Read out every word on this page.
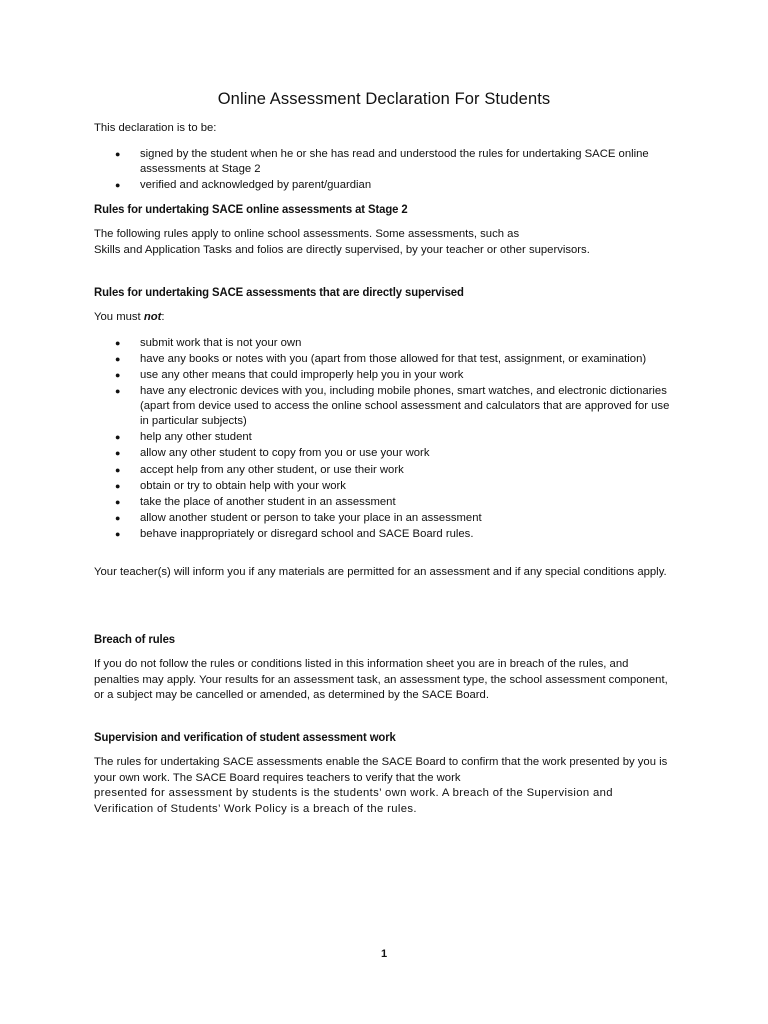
Online Assessment Declaration For Students

This declaration is to be:

● signed by the student when he or she has read and understood the rules for undertaking SACE online assessments at Stage 2
● verified and acknowledged by parent/guardian
Rules for undertaking SACE online assessments at Stage 2

The following rules apply to online school assessments. Some assessments, such as

Skills and Application Tasks and folios are directly supervised, by your teacher or other supervisors.

Rules for undertaking SACE assessments that are directly supervised

You must not:

● submit work that is not your own
● have any books or notes with you (apart from those allowed for that test, assignment, or examination)
● use any other means that could improperly help you in your work
● have any electronic devices with you, including mobile phones, smart watches, and electronic dictionaries (apart from device used to access the online school assessment and calculators that are approved for use in particular subjects)
● help any other student
● allow any other student to copy from you or use your work
● accept help from any other student, or use their work
● obtain or try to obtain help with your work
● take the place of another student in an assessment
● allow another student or person to take your place in an assessment
● behave inappropriately or disregard school and SACE Board rules.

Your teacher(s) will inform you if any materials are permitted for an assessment and if any special conditions apply.

Breach of rules

If you do not follow the rules or conditions listed in this information sheet you are in breach of the rules, and penalties may apply. Your results for an assessment task, an assessment type, the school assessment component, or a subject may be cancelled or amended, as determined by the SACE Board.

Supervision and verification of student assessment work

The rules for undertaking SACE assessments enable the SACE Board to confirm that the work presented by you is your own work. The SACE Board requires teachers to verify that the work

presented for assessment by students is the students’ own work. A breach of the Supervision and Verification of Students’ Work Policy is a breach of the rules.

1
